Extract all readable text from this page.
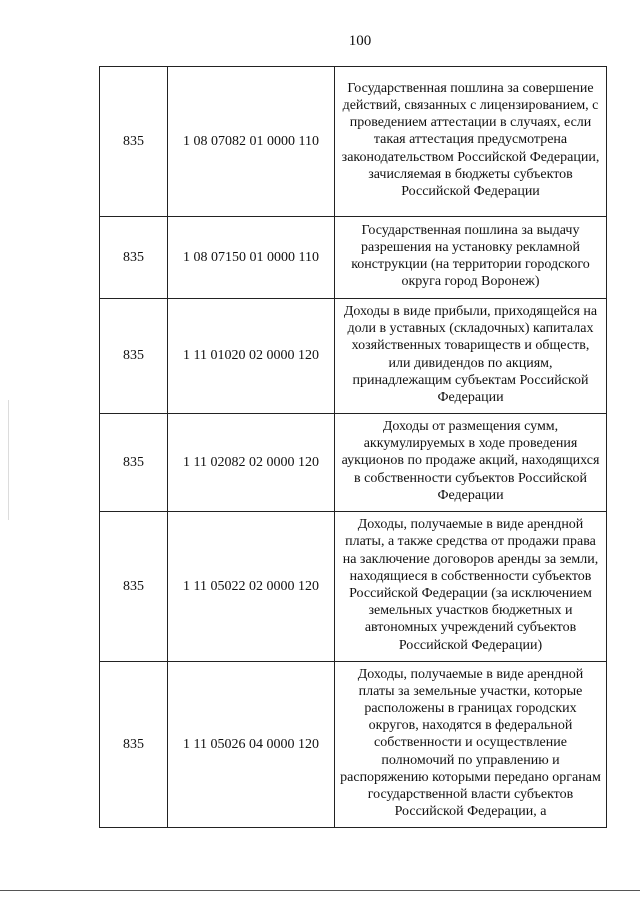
100
835	1 08 07082 01 0000 110	Государственная пошлина за совершение действий, связанных с лицензированием, с проведением аттестации в случаях, если такая аттестация предусмотрена законодательством Российской Федерации, зачисляемая в бюджеты субъектов Российской Федерации
835	1 08 07150 01 0000 110	Государственная пошлина за выдачу разрешения на установку рекламной конструкции (на территории городского округа город Воронеж)
835	1 11 01020 02 0000 120	Доходы в виде прибыли, приходящейся на доли в уставных (складочных) капиталах хозяйственных товариществ и обществ, или дивидендов по акциям, принадлежащим субъектам Российской Федерации
835	1 11 02082 02 0000 120	Доходы от размещения сумм, аккумулируемых в ходе проведения аукционов по продаже акций, находящихся в собственности субъектов Российской Федерации
835	1 11 05022 02 0000 120	Доходы, получаемые в виде арендной платы, а также средства от продажи права на заключение договоров аренды за земли, находящиеся в собственности субъектов Российской Федерации (за исключением земельных участков бюджетных и автономных учреждений субъектов Российской Федерации)
835	1 11 05026 04 0000 120	Доходы, получаемые в виде арендной платы за земельные участки, которые расположены в границах городских округов, находятся в федеральной собственности и осуществление полномочий по управлению и распоряжению которыми передано органам государственной власти субъектов Российской Федерации, а
